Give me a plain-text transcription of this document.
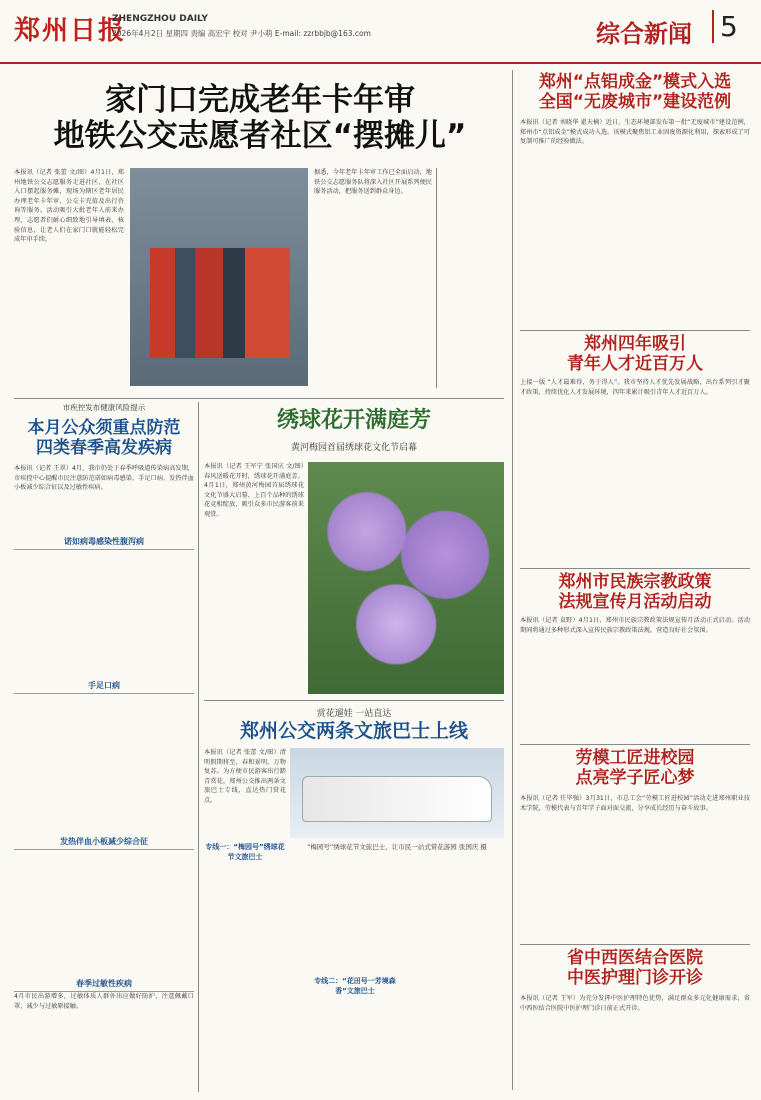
郑州日报
ZHENGZHOU DAILY
2026年4月2日 星期四 责编 高宏宇 校对 尹小萌 E-mail: zzrbbjb@163.com	综合新闻 5
家门口完成老年卡年审
地铁公交志愿者社区“摆摊儿”
本报讯（记者 张蕾 文/图）4月1日，郑州地铁公交志愿服务走进社区，在社区入口摆起服务摊，现场为辖区老年居民办理老年卡年审、公交卡充值及出行咨询等服务。活动吸引大批老年人前来办理，志愿者们耐心细致地引导填表、核验信息，让老人们在家门口就能轻松完成年审手续。
据悉，今年老年卡年审工作已全面启动，地铁公交志愿服务队将深入社区开展系列便民服务活动，把服务送到群众身边。
郑州“点铝成金”模式入选
全国“无废城市”建设范例
本报讯（记者 刘晓华 翟天楠）近日，生态环境部发布第一批“无废城市”建设范例，郑州市“点铝成金”模式成功入选。该模式聚焦铝工业固废资源化利用，探索形成了可复制可推广的经验做法。
郑州四年吸引
青年人才近百万人
上接一版 “人才最难得，务于得人”。我市坚持人才优先发展战略，出台系列引才聚才政策，持续优化人才发展环境，四年来累计吸引青年人才近百万人。
郑州市民族宗教政策
法规宣传月活动启动
本报讯（记者 袁野）4月1日，郑州市民族宗教政策法规宣传月活动正式启动。活动期间将通过多种形式深入宣传民族宗教政策法规，营造良好社会氛围。
劳模工匠进校园
点亮学子匠心梦
本报讯（记者 任毕强）3月31日，市总工会“劳模工匠进校园”活动走进郑州职业技术学院，劳模代表与青年学子面对面交流，分享成长经历与奋斗故事。
省中西医结合医院
中医护理门诊开诊
本报讯（记者 王军）为充分发挥中医护理特色优势，满足群众多元化健康需求，省中西医结合医院中医护理门诊日前正式开诊。
市疾控发布健康风险提示
本月公众须重点防范
四类春季高发疾病
本报讯（记者 王翠）4月，我市仍处于春季呼吸道传染病高发期，市疾控中心提醒市民注意防范诺如病毒感染、手足口病、发热伴血小板减少综合征以及过敏性疾病。
诺如病毒感染性腹泻病
手足口病
发热伴血小板减少综合征
春季过敏性疾病
4月市民出游增多，过敏体质人群外出应做好防护，注意佩戴口罩，减少与过敏原接触。
绣球花开满庭芳
黄河梅园首届绣球花文化节启幕
本报讯（记者 王军宁 张国庆 文/图）春风送暖花开时，绣球花开满庭芳。4月1日，郑州黄河梅园首届绣球花文化节盛大启幕，上百个品种的绣球花竞相绽放，吸引众多市民游客前来观赏。
赏花遛娃 一站直达
郑州公交两条文旅巴士上线
本报讯（记者 张蕾 文/图）清明假期将至，春和景明，万物复苏。为方便市民游客出行踏青赏花，郑州公交推出两条文旅巴士专线，直达热门赏花点。
专线一：“梅园号”绣球花节文旅巴士
“梅园号”绣球花节文旅巴士，让市民一站式赏花游园 张国庆 摄
专线二：“花田号一芳境森香”文旅巴士
